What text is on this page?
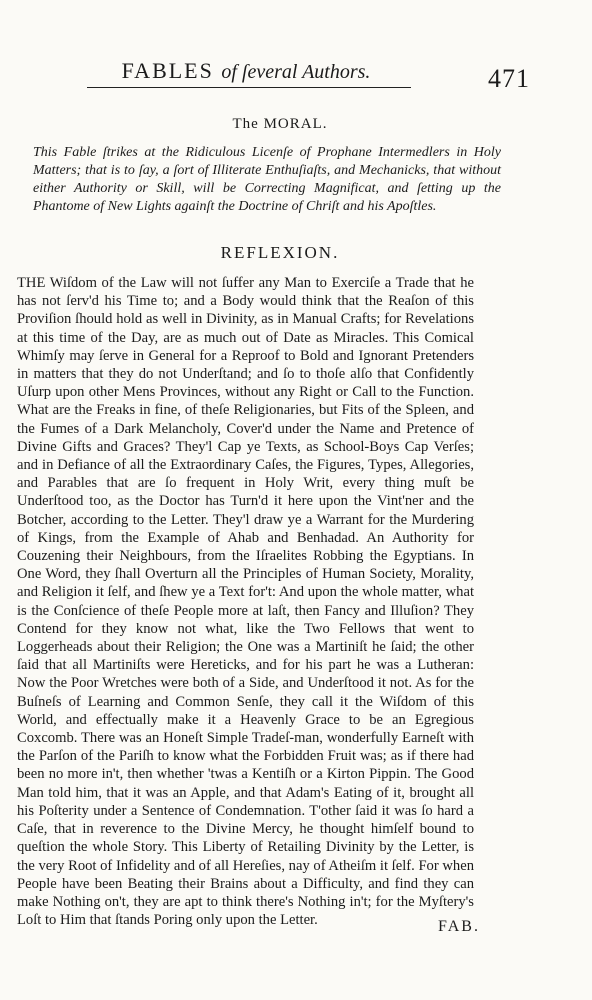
FABLES of ſeveral Authors.	471
The MORAL.
This Fable ſtrikes at the Ridiculous Licenſe of Prophane Intermedlers in Holy Matters; that is to ſay, a ſort of Illiterate Enthuſiaſts, and Mechanicks, that without either Authority or Skill, will be Correcting Magnificat, and ſetting up the Phantome of New Lights againſt the Doctrine of Chriſt and his Apoſtles.
REFLEXION.

THE Wiſdom of the Law will not ſuffer any Man to Exerciſe a Trade that he has not ſerv'd his Time to; and a Body would think that the Reaſon of this Proviſion ſhould hold as well in Divinity, as in Manual Crafts; for Revelations at this time of the Day, are as much out of Date as Miracles. This Comical Whimſy may ſerve in General for a Reproof to Bold and Ignorant Pretenders in matters that they do not Underſtand; and ſo to thoſe alſo that Confidently Uſurp upon other Mens Provinces, without any Right or Call to the Function. What are the Freaks in fine, of theſe Religionaries, but Fits of the Spleen, and the Fumes of a Dark Melancholy, Cover'd under the Name and Pretence of Divine Gifts and Graces? They'l Cap ye Texts, as School-Boys Cap Verſes; and in Defiance of all the Extraordinary Caſes, the Figures, Types, Allegories, and Parables that are ſo frequent in Holy Writ, every thing muſt be Underſtood too, as the Doctor has Turn'd it here upon the Vint'ner and the Botcher, according to the Letter. They'l draw ye a Warrant for the Murdering of Kings, from the Example of Ahab and Benhadad. An Authority for Couzening their Neighbours, from the Iſraelites Robbing the Egyptians. In One Word, they ſhall Overturn all the Principles of Human Society, Morality, and Religion it ſelf, and ſhew ye a Text for't: And upon the whole matter, what is the Conſcience of theſe People more at laſt, then Fancy and Illuſion? They Contend for they know not what, like the Two Fellows that went to Loggerheads about their Religion; the One was a Martiniſt he ſaid; the other ſaid that all Martiniſts were Hereticks, and for his part he was a Lutheran: Now the Poor Wretches were both of a Side, and Underſtood it not. As for the Buſneſs of Learning and Common Senſe, they call it the Wiſdom of this World, and effectually make it a Heavenly Grace to be an Egregious Coxcomb. There was an Honeſt Simple Tradeſ-man, wonderfully Earneſt with the Parſon of the Pariſh to know what the Forbidden Fruit was; as if there had been no more in't, then whether 'twas a Kentiſh or a Kirton Pippin. The Good Man told him, that it was an Apple, and that Adam's Eating of it, brought all his Poſterity under a Sentence of Condemnation. T'other ſaid it was ſo hard a Caſe, that in reverence to the Divine Mercy, he thought himſelf bound to queſtion the whole Story. This Liberty of Retailing Divinity by the Letter, is the very Root of Infidelity and of all Hereſies, nay of Atheiſm it ſelf. For when People have been Beating their Brains about a Difficulty, and find they can make Nothing on't, they are apt to think there's Nothing in't; for the Myſtery's Loſt to Him that ſtands Poring only upon the Letter.	FAB.
